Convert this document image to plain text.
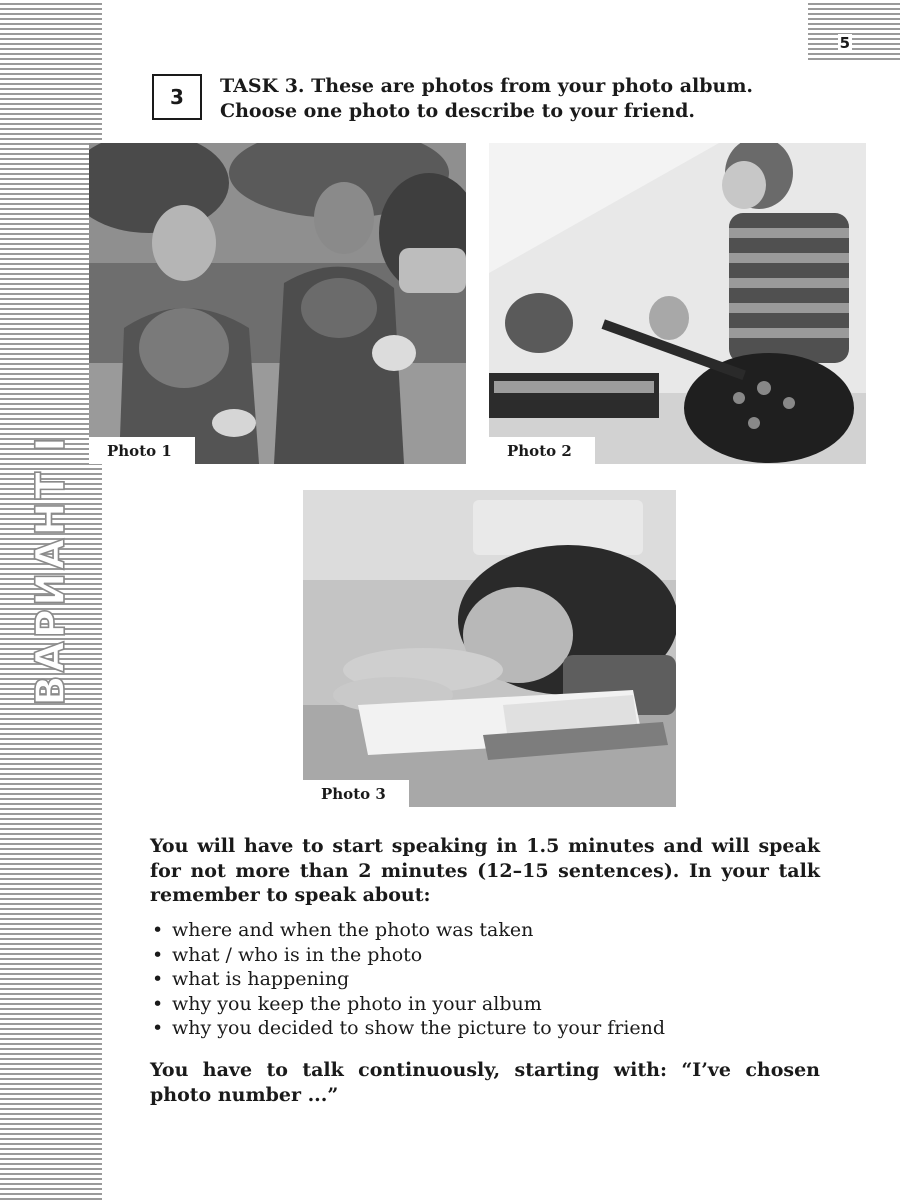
ВАРИАНТ I
5
3 TASK 3. These are photos from your photo album. Choose one photo to describe to your friend.
Photo 1	Photo 2
Photo 3

You will have to start speaking in 1.5 minutes and will speak for not more than 2 minutes (12–15 sentences). In your talk remember to speak about:

• where and when the photo was taken
• what / who is in the photo
• what is happening
• why you keep the photo in your album
• why you decided to show the picture to your friend

You have to talk continuously, starting with: “I’ve chosen photo number ...”
